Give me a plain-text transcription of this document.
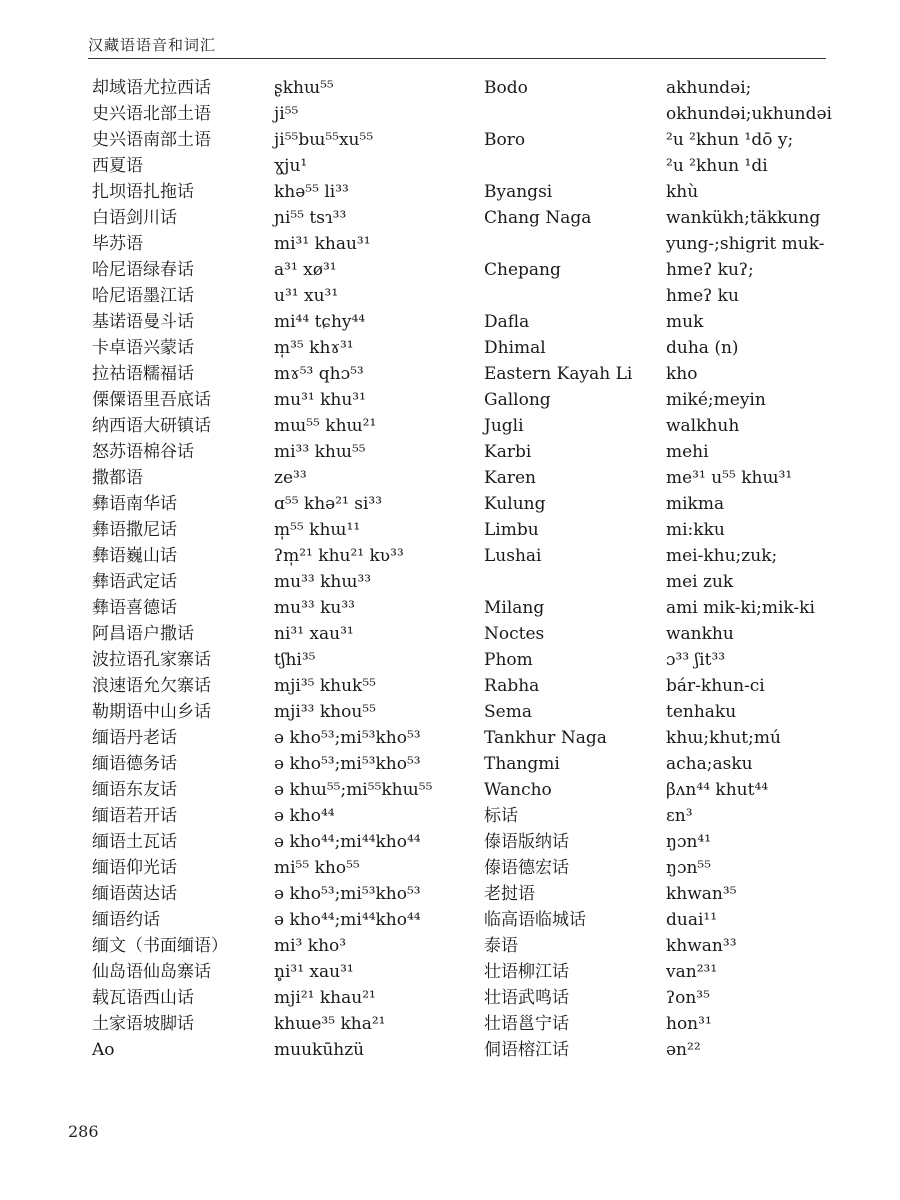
汉藏语语音和词汇
却域语尤拉西话
史兴语北部土语
史兴语南部土语
西夏语
扎坝语扎拖话
白语剑川话
毕苏语
哈尼语绿春话
哈尼语墨江话
基诺语曼斗话
卡卓语兴蒙话
拉祜语糯福话
傈僳语里吾底话
纳西语大研镇话
怒苏语棉谷话
撒都语
彝语南华话
彝语撒尼话
彝语巍山话
彝语武定话
彝语喜德话
阿昌语户撒话
波拉语孔家寨话
浪速语允欠寨话
勒期语中山乡话
缅语丹老话
缅语德务话
缅语东友话
缅语若开话
缅语土瓦话
缅语仰光话
缅语茵达话
缅语约话
缅文（书面缅语）
仙岛语仙岛寨话
载瓦语西山话
土家语坡脚话
Ao
ʂkhɯ⁵⁵
ji⁵⁵
ji⁵⁵bɯ⁵⁵xu⁵⁵
ɣju¹
khə⁵⁵ li³³
ɲi⁵⁵ tsɿ³³
mi³¹ khau³¹
a³¹ xø³¹
u³¹ xu³¹
mi⁴⁴ tɕhy⁴⁴
m̩³⁵ khɤ³¹
mɤ⁵³ qhɔ⁵³
mu³¹ khu³¹
mɯ⁵⁵ khɯ²¹
mi³³ khɯ⁵⁵
ze³³
ɑ⁵⁵ khə²¹ si³³
m̩⁵⁵ khɯ¹¹
ʔm̩²¹ khu²¹ kʋ³³
mu³³ khɯ³³
mu³³ ku³³
ni³¹ xau³¹
tʃhi³⁵
mji³⁵ khuk⁵⁵
mji³³ khou⁵⁵
ə kho⁵³;mi⁵³kho⁵³
ə kho⁵³;mi⁵³kho⁵³
ə khɯ⁵⁵;mi⁵⁵khɯ⁵⁵
ə kho⁴⁴
ə kho⁴⁴;mi⁴⁴kho⁴⁴
mi⁵⁵ kho⁵⁵
ə kho⁵³;mi⁵³kho⁵³
ə kho⁴⁴;mi⁴⁴kho⁴⁴
mi³ kho³
n̥i³¹ xau³¹
mji²¹ khau²¹
khɯe³⁵ kha²¹
muukūhzü
Bodo
Boro
Byangsi
Chang Naga
Chepang
Dafla
Dhimal
Eastern Kayah Li
Gallong
Jugli
Karbi
Karen
Kulung
Limbu
Lushai
Milang
Noctes
Phom
Rabha
Sema
Tankhur Naga
Thangmi
Wancho
标话
傣语版纳话
傣语德宏话
老挝语
临高语临城话
泰语
壮语柳江话
壮语武鸣话
壮语邕宁话
侗语榕江话
akhundəi;
okhundəi;ukhundəi
²u ²khun ¹dō y;
²u ²khun ¹di
khù
wankükh;täkkung
yung-;shigrit muk-
hmeʔ kuʔ;
hmeʔ ku
muk
duha (n)
kho
miké;meyin
walkhuh
mehi
me³¹ u⁵⁵ khɯ³¹
mikma
mi:kku
mei-khu;zuk;
mei zuk
ami mik-ki;mik-ki
wankhu
ɔ³³ ʃit³³
bár-khun-ci
tenhaku
khɯ;khut;mú
acha;asku
βʌn⁴⁴ khut⁴⁴
ɛn³
ŋɔn⁴¹
ŋɔn⁵⁵
khwan³⁵
duai¹¹
khwan³³
van²³¹
ʔon³⁵
hon³¹
ən²²
286
